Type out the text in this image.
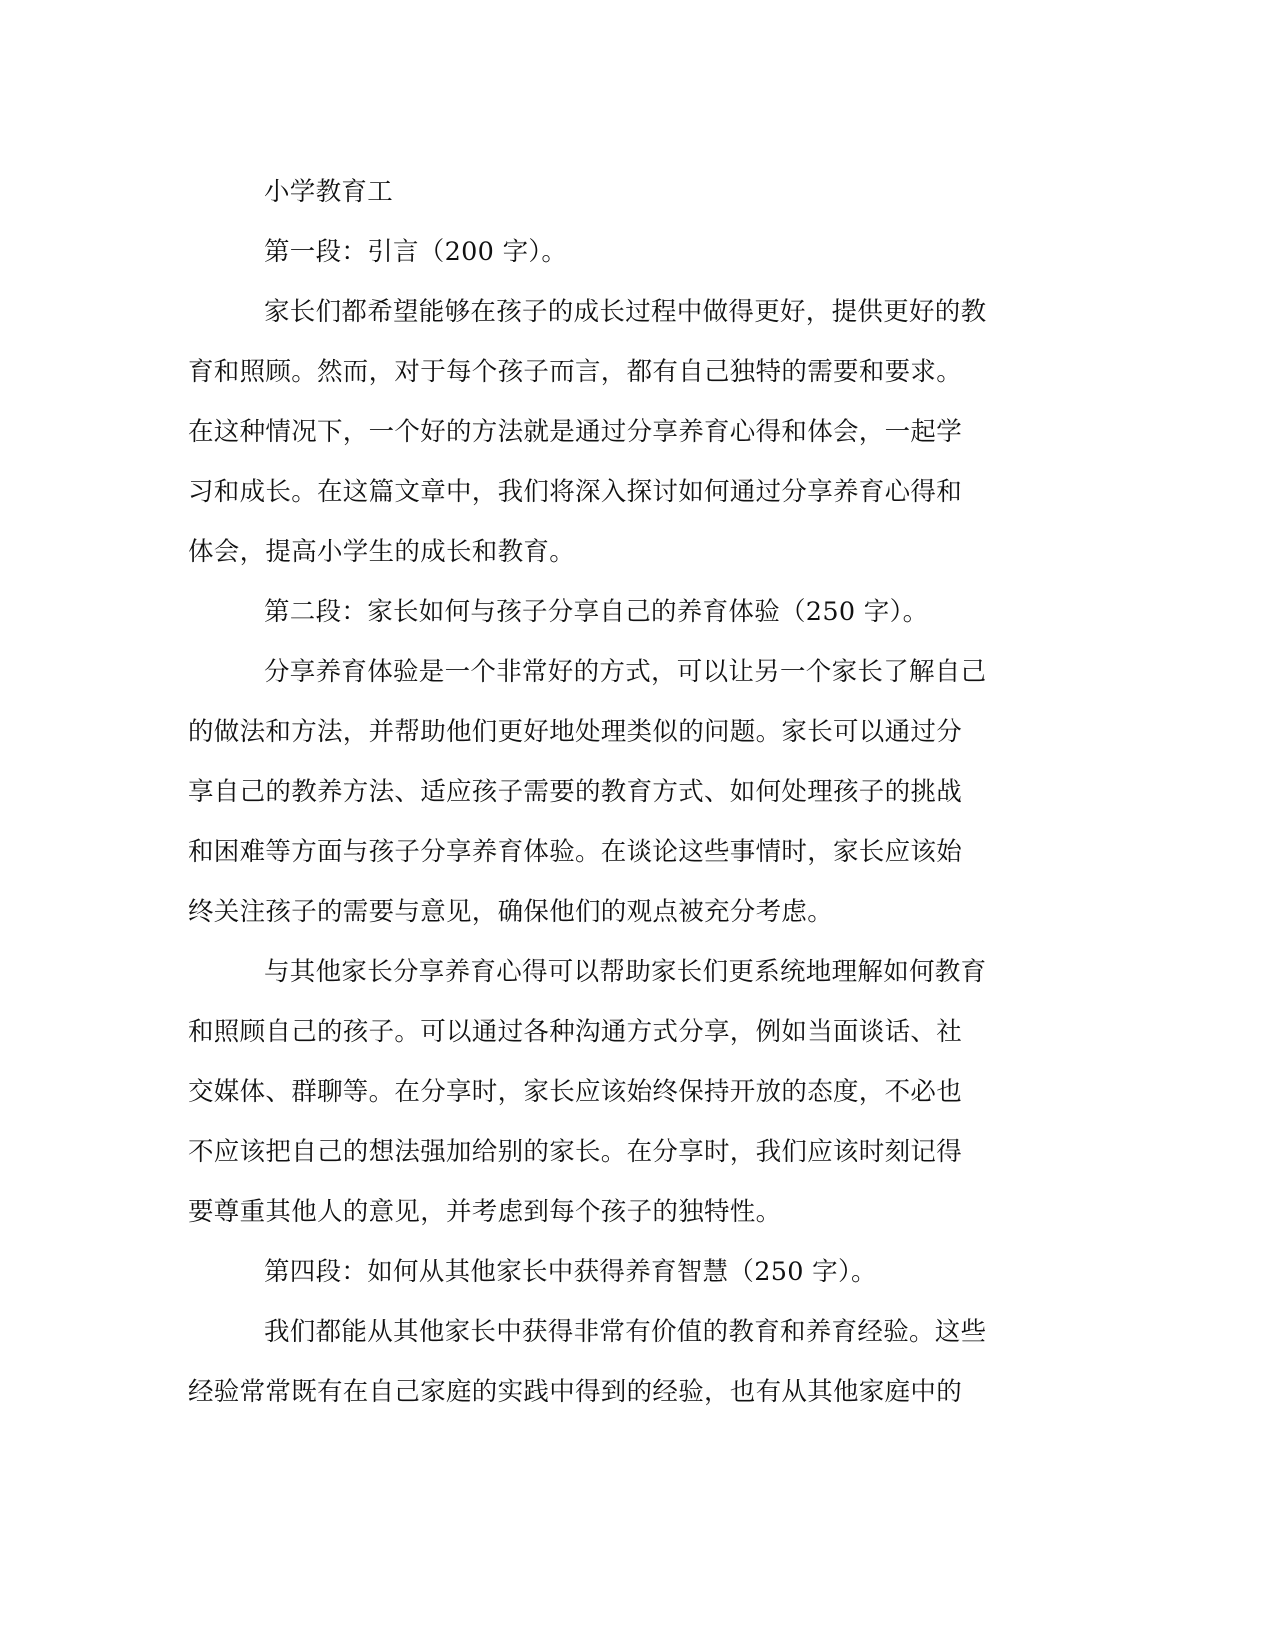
小学教育工
第一段：引言（200 字）。
家长们都希望能够在孩子的成长过程中做得更好，提供更好的教
育和照顾。然而，对于每个孩子而言，都有自己独特的需要和要求。
在这种情况下，一个好的方法就是通过分享养育心得和体会，一起学
习和成长。在这篇文章中，我们将深入探讨如何通过分享养育心得和
体会，提高小学生的成长和教育。
第二段：家长如何与孩子分享自己的养育体验（250 字）。
分享养育体验是一个非常好的方式，可以让另一个家长了解自己
的做法和方法，并帮助他们更好地处理类似的问题。家长可以通过分
享自己的教养方法、适应孩子需要的教育方式、如何处理孩子的挑战
和困难等方面与孩子分享养育体验。在谈论这些事情时，家长应该始
终关注孩子的需要与意见，确保他们的观点被充分考虑。
与其他家长分享养育心得可以帮助家长们更系统地理解如何教育
和照顾自己的孩子。可以通过各种沟通方式分享，例如当面谈话、社
交媒体、群聊等。在分享时，家长应该始终保持开放的态度，不必也
不应该把自己的想法强加给别的家长。在分享时，我们应该时刻记得
要尊重其他人的意见，并考虑到每个孩子的独特性。
第四段：如何从其他家长中获得养育智慧（250 字）。
我们都能从其他家长中获得非常有价值的教育和养育经验。这些
经验常常既有在自己家庭的实践中得到的经验，也有从其他家庭中的
